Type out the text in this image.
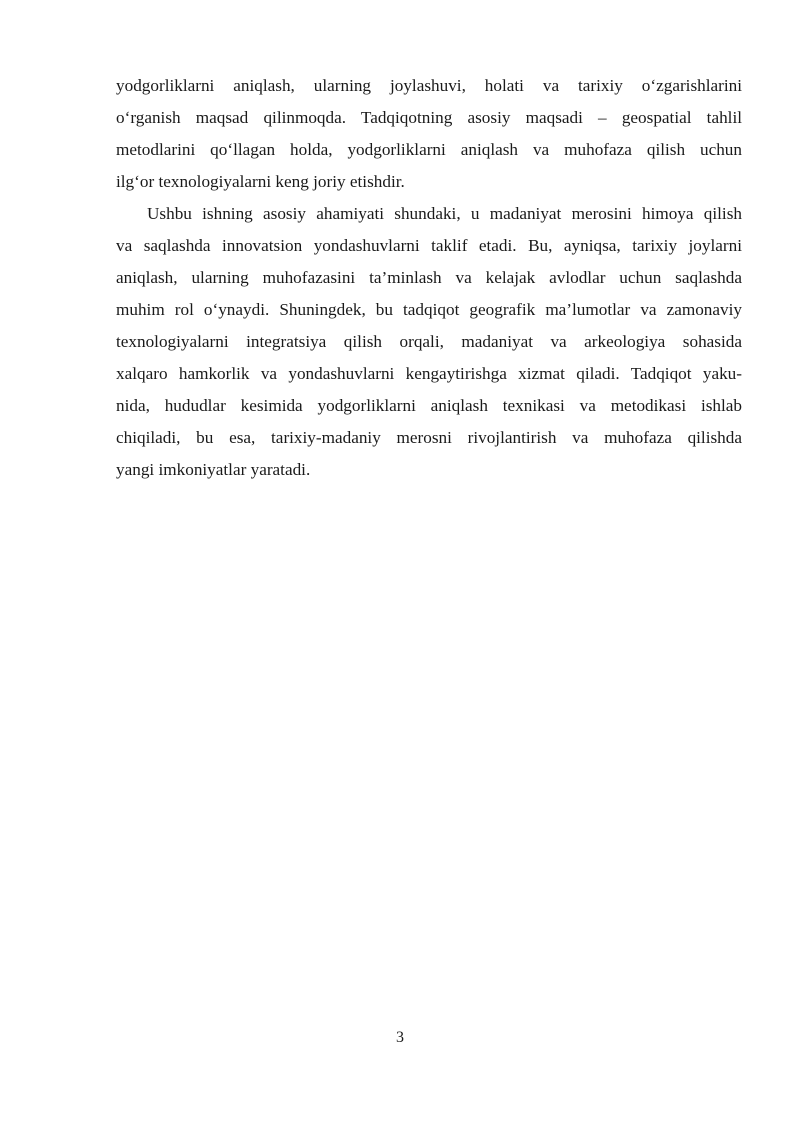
yodgorliklarni aniqlash, ularning joylashuvi, holati va tarixiy o‘zgarishlarini
o‘rganish maqsad qilinmoqda. Tadqiqotning asosiy maqsadi – geospatial tahlil
metodlarini qo‘llagan holda, yodgorliklarni aniqlash va muhofaza qilish uchun
ilg‘or texnologiyalarni keng joriy etishdir.
Ushbu ishning asosiy ahamiyati shundaki, u madaniyat merosini himoya qilish
va saqlashda innovatsion yondashuvlarni taklif etadi. Bu, ayniqsa, tarixiy joylarni
aniqlash, ularning muhofazasini ta’minlash va kelajak avlodlar uchun saqlashda
muhim rol o‘ynaydi. Shuningdek, bu tadqiqot geografik ma’lumotlar va zamonaviy
texnologiyalarni integratsiya qilish orqali, madaniyat va arkeologiya sohasida
xalqaro hamkorlik va yondashuvlarni kengaytirishga xizmat qiladi. Tadqiqot yaku-
nida, hududlar kesimida yodgorliklarni aniqlash texnikasi va metodikasi ishlab
chiqiladi, bu esa, tarixiy-madaniy merosni rivojlantirish va muhofaza qilishda
yangi imkoniyatlar yaratadi.
3
